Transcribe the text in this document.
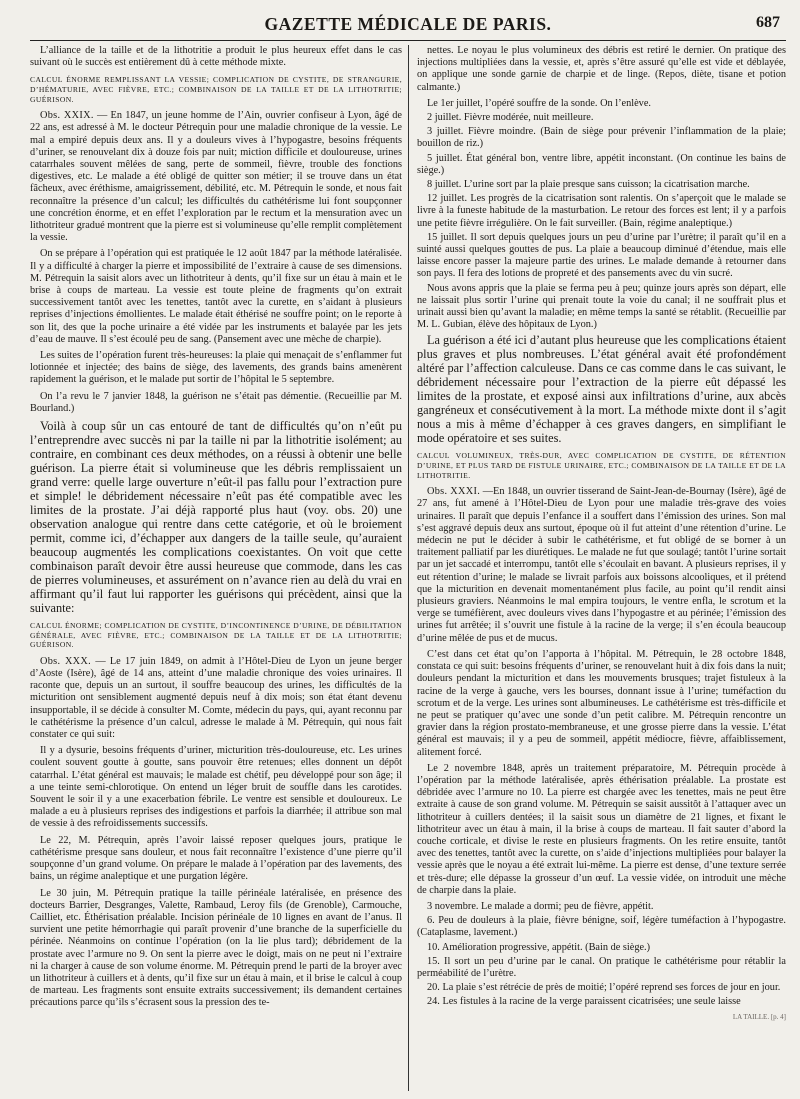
GAZETTE MÉDICALE DE PARIS.	687

L’alliance de la taille et de la lithotritie a produit le plus heureux effet dans le cas suivant où le succès est entièrement dû à cette méthode mixte.

CALCUL ÉNORME REMPLISSANT LA VESSIE; COMPLICATION DE CYSTITE, DE STRANGURIE, D’HÉMATURIE, AVEC FIÈVRE, ETC.; COMBINAISON DE LA TAILLE ET DE LA LITHOTRITIE; GUÉRISON.

Obs. XXIX. — En 1847, un jeune homme de l’Ain, ouvrier confiseur à Lyon, âgé de 22 ans, est adressé à M. le docteur Pétrequin pour une maladie chronique de la vessie. Le mal a empiré depuis deux ans. Il y a douleurs vives à l’hypogastre, besoins fréquents d’uriner, se renouvelant dix à douze fois par nuit; miction difficile et douloureuse, urines catarrhales souvent mêlées de sang, perte de sommeil, fièvre, trouble des fonctions digestives, etc. Le malade a été obligé de quitter son métier; il se trouve dans un état fâcheux, avec éréthisme, amaigrissement, débilité, etc. M. Pétrequin le sonde, et nous fait reconnaître la présence d’un calcul; les difficultés du cathétérisme lui font soupçonner une concrétion énorme, et en effet l’exploration par le rectum et la mensuration avec un lithotriteur gradué montrent que la pierre est si volumineuse qu’elle remplit complètement la vessie.

On se prépare à l’opération qui est pratiquée le 12 août 1847 par la méthode latéralisée. Il y a difficulté à charger la pierre et impossibilité de l’extraire à cause de ses dimensions. M. Pétrequin la saisit alors avec un lithotriteur à dents, qu’il fixe sur un étau à main et le brise à coups de marteau. La vessie est toute pleine de fragments qu’on extrait successivement tantôt avec les tenettes, tantôt avec la curette, en s’aidant à plusieurs reprises d’injections émollientes. Le malade était éthérisé ne souffre point; on le reporte à son lit, des que la poche urinaire a été vidée par les instruments et balayée par les jets d’eau de mauve. Il s’est écoulé peu de sang. (Pansement avec une mèche de charpie).

Les suites de l’opération furent très-heureuses: la plaie qui menaçait de s’enflammer fut lotionnée et injectée; des bains de siège, des lavements, des grands bains amenèrent rapidement la guérison, et le malade put sortir de l’hôpital le 5 septembre.

On l’a revu le 7 janvier 1848, la guérison ne s’était pas démentie. (Recueillie par M. Bourland.)

Voilà à coup sûr un cas entouré de tant de difficultés qu’on n’eût pu l’entreprendre avec succès ni par la taille ni par la lithotritie isolément; au contraire, en combinant ces deux méthodes, on a réussi à obtenir une belle guérison. La pierre était si volumineuse que les débris remplissaient un grand verre: quelle large ouverture n’eût-il pas fallu pour l’extraction pure et simple! le débridement nécessaire n’eût pas été compatible avec les limites de la prostate. J’ai déjà rapporté plus haut (voy. obs. 20) une observation analogue qui rentre dans cette catégorie, et où le broiement permit, comme ici, d’échapper aux dangers de la taille seule, qu’auraient beaucoup augmentés les complications coexistantes. On voit que cette combinaison paraît devoir être aussi heureuse que commode, dans les cas de pierres volumineuses, et assurément on n’avance rien au delà du vrai en affirmant qu’il faut lui rapporter les guérisons qui précèdent, ainsi que la suivante:

CALCUL ÉNORME; COMPLICATION DE CYSTITE, D’INCONTINENCE D’URINE, DE DÉBILITATION GÉNÉRALE, AVEC FIÈVRE, ETC.; COMBINAISON DE LA TAILLE ET DE LA LITHOTRITIE; GUÉRISON.

Obs. XXX. — Le 17 juin 1849, on admit à l’Hôtel-Dieu de Lyon un jeune berger d’Aoste (Isère), âgé de 14 ans, atteint d’une maladie chronique des voies urinaires. Il raconte que, depuis un an surtout, il souffre beaucoup des urines, les difficultés de la micturition ont sensiblement augmenté depuis neuf à dix mois; son état étant devenu insupportable, il se décide à consulter M. Comte, médecin du pays, qui, ayant reconnu par le cathétérisme la présence d’un calcul, adresse le malade à M. Pétrequin, qui nous fait constater ce qui suit:

Il y a dysurie, besoins fréquents d’uriner, micturition très-douloureuse, etc. Les urines coulent souvent goutte à goutte, sans pouvoir être retenues; elles donnent un dépôt catarrhal. L’état général est mauvais; le malade est chétif, peu développé pour son âge; il a une teinte semi-chlorotique. On entend un léger bruit de souffle dans les carotides. Souvent le soir il y a une exacerbation fébrile. Le ventre est sensible et douloureux. Le malade a eu à plusieurs reprises des indigestions et parfois la diarrhée; il attribue son mal de vessie à des refroidissements successifs.

Le 22, M. Pétrequin, après l’avoir laissé reposer quelques jours, pratique le cathétérisme presque sans douleur, et nous fait reconnaître l’existence d’une pierre qu’il soupçonne d’un grand volume. On prépare le malade à l’opération par des lavements, des bains, un régime analeptique et une purgation légère.

Le 30 juin, M. Pétrequin pratique la taille périnéale latéralisée, en présence des docteurs Barrier, Desgranges, Valette, Rambaud, Leroy fils (de Grenoble), Carmouche, Cailliet, etc. Éthérisation préalable. Incision périnéale de 10 lignes en avant de l’anus. Il survient une petite hémorrhagie qui paraît provenir d’une branche de la superficielle du périnée. Néanmoins on continue l’opération (on la lie plus tard); débridement de la prostate avec l’armure no 9. On sent la pierre avec le doigt, mais on ne peut ni l’extraire ni la charger à cause de son volume énorme. M. Pétrequin prend le parti de la broyer avec un lithotriteur à cuillers et à dents, qu’il fixe sur un étau à main, et il brise le calcul à coup de marteau. Les fragments sont ensuite extraits successivement; ils demandent certaines précautions parce qu’ils s’écrasent sous la pression des te-

nettes. Le noyau le plus volumineux des débris est retiré le dernier. On pratique des injections multipliées dans la vessie, et, après s’être assuré qu’elle est vide et déblayée, on applique une sonde garnie de charpie et de linge. (Repos, diète, tisane et potion calmante.)

Le 1er juillet, l’opéré souffre de la sonde. On l’enlève.
2 juillet. Fièvre modérée, nuit meilleure.
3 juillet. Fièvre moindre. (Bain de siège pour prévenir l’inflammation de la plaie; bouillon de riz.)
5 juillet. État général bon, ventre libre, appétit inconstant. (On continue les bains de siège.)
8 juillet. L’urine sort par la plaie presque sans cuisson; la cicatrisation marche.
12 juillet. Les progrès de la cicatrisation sont ralentis. On s’aperçoit que le malade se livre à la funeste habitude de la masturbation. Le retour des forces est lent; il y a parfois une petite fièvre irrégulière. On le fait surveiller. (Bain, régime analeptique.)
15 juillet. Il sort depuis quelques jours un peu d’urine par l’urètre; il paraît qu’il en a suinté aussi quelques gouttes de pus. La plaie a beaucoup diminué d’étendue, mais elle laisse encore passer la majeure partie des urines. Le malade demande à retourner dans son pays. Il fera des lotions de propreté et des pansements avec du vin sucré.
Nous avons appris que la plaie se ferma peu à peu; quinze jours après son départ, elle ne laissait plus sortir l’urine qui prenait toute la voie du canal; il ne souffrait plus et urinait aussi bien qu’avant la maladie; en même temps la santé se rétablit. (Recueillie par M. L. Gubian, élève des hôpitaux de Lyon.)

La guérison a été ici d’autant plus heureuse que les complications étaient plus graves et plus nombreuses. L’état général avait été profondément altéré par l’affection calculeuse. Dans ce cas comme dans le cas suivant, le débridement nécessaire pour l’extraction de la pierre eût dépassé les limites de la prostate, et exposé ainsi aux infiltrations d’urine, aux abcès gangréneux et consécutivement à la mort. La méthode mixte dont il s’agit nous a mis à même d’échapper à ces graves dangers, en simplifiant le mode opératoire et ses suites.

CALCUL VOLUMINEUX, TRÈS-DUR, AVEC COMPLICATION DE CYSTITE, DE RÉTENTION D’URINE, ET PLUS TARD DE FISTULE URINAIRE, ETC.; COMBINAISON DE LA TAILLE ET DE LA LITHOTRITIE.

Obs. XXXI. —En 1848, un ouvrier tisserand de Saint-Jean-de-Bournay (Isère), âgé de 27 ans, fut amené à l’Hôtel-Dieu de Lyon pour une maladie très-grave des voies urinaires. Il paraît que depuis l’enfance il a souffert dans l’émission des urines. Son mal s’est aggravé depuis deux ans surtout, époque où il fut atteint d’une rétention d’urine. Le médecin ne put le décider à subir le cathétérisme, et fut obligé de se borner à un traitement palliatif par les diurétiques. Le malade ne fut que soulagé; tantôt l’urine sortait par un jet saccadé et interrompu, tantôt elle s’écoulait en bavant. A plusieurs reprises, il y eut rétention d’urine; le malade se livrait parfois aux boissons alcooliques, et il prétend que la micturition en devenait momentanément plus facile, au point qu’il rendit ainsi plusieurs graviers. Néanmoins le mal empira toujours, le ventre enfla, le scrotum et la verge se tuméfièrent, avec douleurs vives dans l’hypogastre et au périnée; l’émission des urines fut arrêtée; il s’ouvrit une fistule à la racine de la verge; il s’en écoula beaucoup d’urine mêlée de pus et de mucus.

C’est dans cet état qu’on l’apporta à l’hôpital. M. Pétrequin, le 28 octobre 1848, constata ce qui suit: besoins fréquents d’uriner, se renouvelant huit à dix fois dans la nuit; douleurs pendant la micturition et dans les mouvements brusques; trajet fistuleux à la racine de la verge à gauche, vers les bourses, donnant issue à l’urine; tuméfaction du scrotum et de la verge. Les urines sont albumineuses. Le cathétérisme est très-difficile et ne peut se pratiquer qu’avec une sonde d’un petit calibre. M. Pétrequin rencontre un gravier dans la région prostato-membraneuse, et une grosse pierre dans la vessie. L’état général est mauvais; il y a peu de sommeil, appétit médiocre, fièvre, affaiblissement, alitement forcé.

Le 2 novembre 1848, après un traitement préparatoire, M. Pétrequin procède à l’opération par la méthode latéralisée, après éthérisation préalable. La prostate est débridée avec l’armure no 10. La pierre est chargée avec les tenettes, mais ne peut être extraite à cause de son grand volume. M. Pétrequin se saisit aussitôt à l’attaquer avec un lithotriteur à cuillers dentées; il la saisit sous un diamètre de 21 lignes, et fixant le lithotriteur avec un étau à main, il la brise à coups de marteau. Il fait sauter d’abord la couche corticale, et divise le reste en plusieurs fragments. On les retire ensuite, tantôt avec des tenettes, tantôt avec la curette, on s’aide d’injections multipliées pour balayer la vessie après que le noyau a été extrait lui-même. La pierre est dense, d’une texture serrée et très-dure; elle dépasse la grosseur d’un œuf. La vessie vidée, on introduit une mèche de charpie dans la plaie.

3 novembre. Le malade a dormi; peu de fièvre, appétit.
6. Peu de douleurs à la plaie, fièvre bénigne, soif, légère tuméfaction à l’hypogastre. (Cataplasme, lavement.)
10. Amélioration progressive, appétit. (Bain de siège.)
15. Il sort un peu d’urine par le canal. On pratique le cathétérisme pour rétablir la perméabilité de l’urètre.
20. La plaie s’est rétrécie de près de moitié; l’opéré reprend ses forces de jour en jour.
24. Les fistules à la racine de la verge paraissent cicatrisées; une seule laisse
LA TAILLE. [p. 4]
